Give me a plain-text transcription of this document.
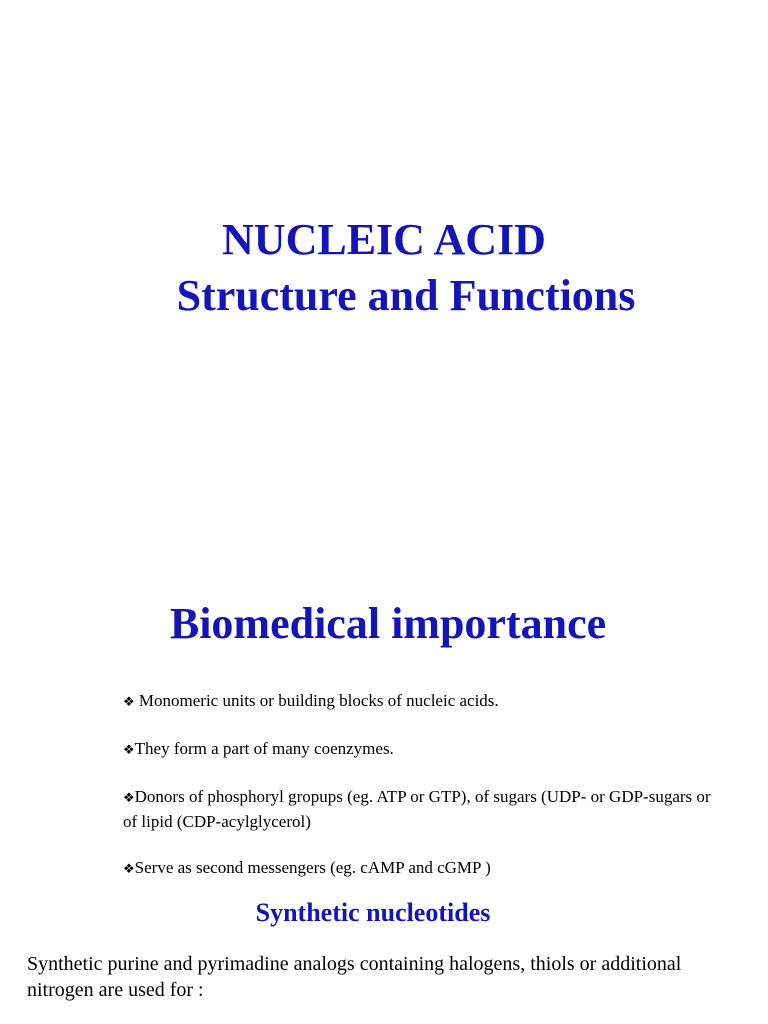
NUCLEIC ACID
Structure and Functions
Biomedical importance
❖ Monomeric units or building blocks of nucleic acids.
❖They form a part of many coenzymes.
❖Donors of phosphoryl gropups (eg. ATP or GTP), of sugars (UDP- or GDP-sugars or of lipid (CDP-acylglycerol)
❖Serve as second messengers (eg. cAMP and cGMP )
Synthetic nucleotides
Synthetic purine and pyrimadine analogs containing halogens, thiols or additional nitrogen are used for :
